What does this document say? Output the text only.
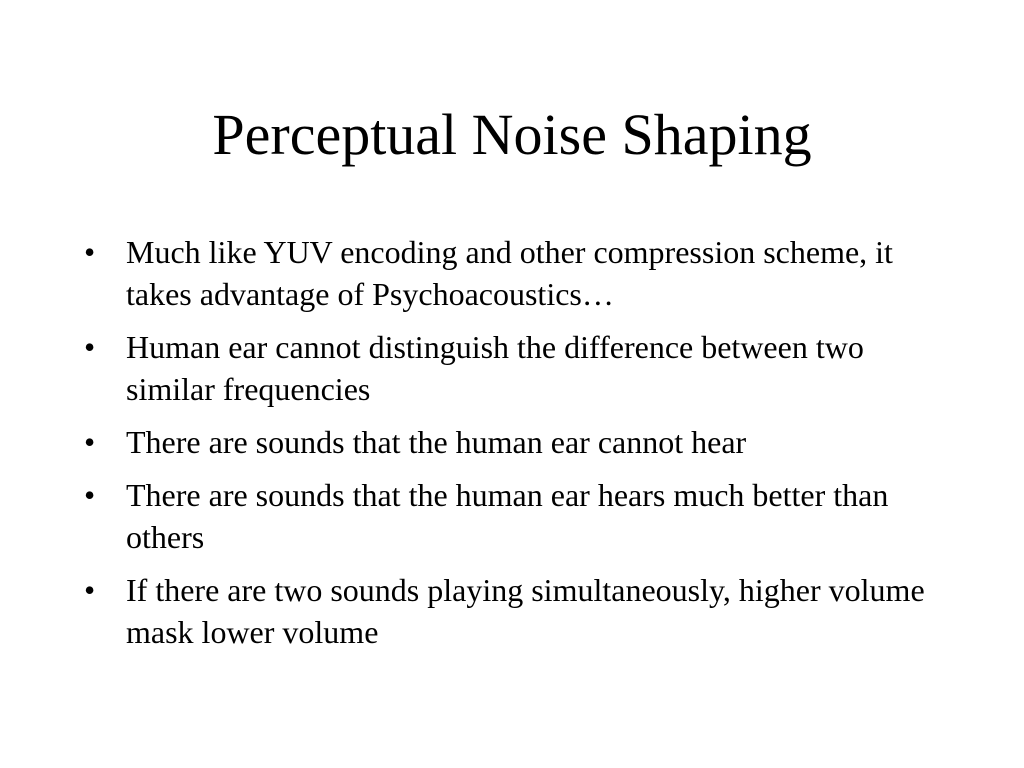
Perceptual Noise Shaping
• Much like YUV encoding and other compression scheme, it takes advantage of Psychoacoustics…
• Human ear cannot distinguish the difference between two similar frequencies
• There are sounds that the human ear cannot hear
• There are sounds that the human ear hears much better than others
• If there are two sounds playing simultaneously, higher volume mask lower volume
